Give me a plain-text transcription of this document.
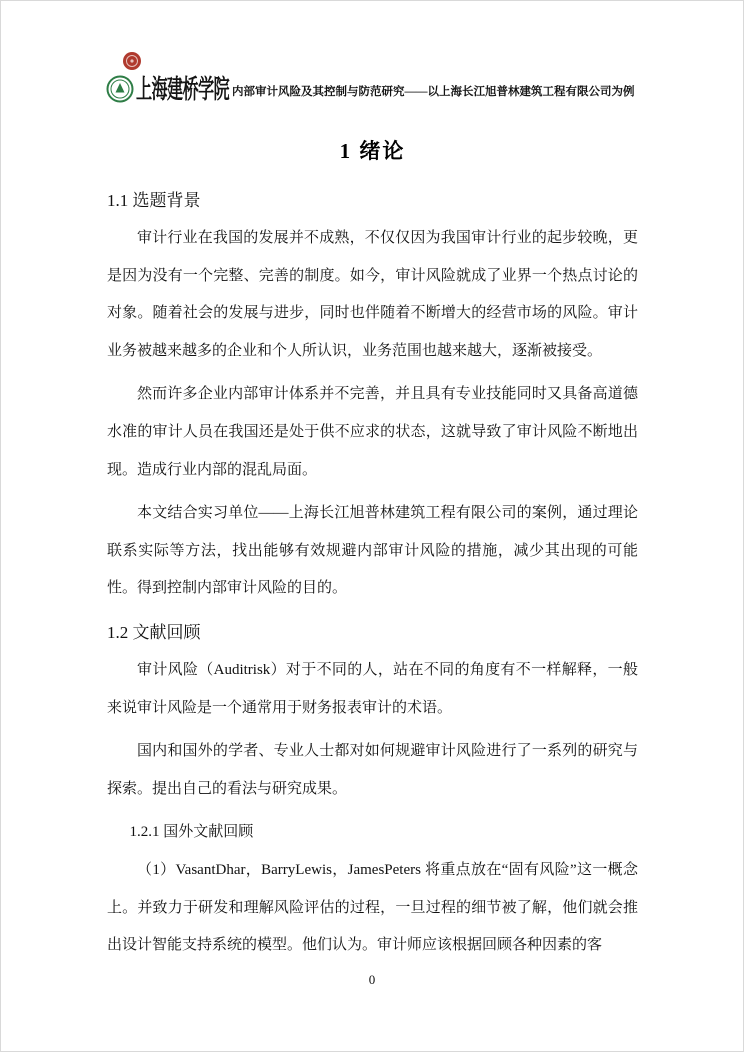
上海建桥学院 内部审计风险及其控制与防范研究——以上海长江旭普林建筑工程有限公司为例
1 绪论
1.1 选题背景

审计行业在我国的发展并不成熟，不仅仅因为我国审计行业的起步较晚，更是因为没有一个完整、完善的制度。如今，审计风险就成了业界一个热点讨论的对象。随着社会的发展与进步，同时也伴随着不断增大的经营市场的风险。审计业务被越来越多的企业和个人所认识，业务范围也越来越大，逐渐被接受。

然而许多企业内部审计体系并不完善，并且具有专业技能同时又具备高道德水准的审计人员在我国还是处于供不应求的状态，这就导致了审计风险不断地出现。造成行业内部的混乱局面。

本文结合实习单位——上海长江旭普林建筑工程有限公司的案例，通过理论联系实际等方法，找出能够有效规避内部审计风险的措施，减少其出现的可能性。得到控制内部审计风险的目的。

1.2 文献回顾

审计风险（Auditrisk）对于不同的人，站在不同的角度有不一样解释，一般来说审计风险是一个通常用于财务报表审计的术语。

国内和国外的学者、专业人士都对如何规避审计风险进行了一系列的研究与探索。提出自己的看法与研究成果。

1.2.1 国外文献回顾

（1）VasantDhar，BarryLewis，JamesPeters 将重点放在“固有风险”这一概念上。并致力于研发和理解风险评估的过程，一旦过程的细节被了解，他们就会推出设计智能支持系统的模型。他们认为。审计师应该根据回顾各种因素的客

0
